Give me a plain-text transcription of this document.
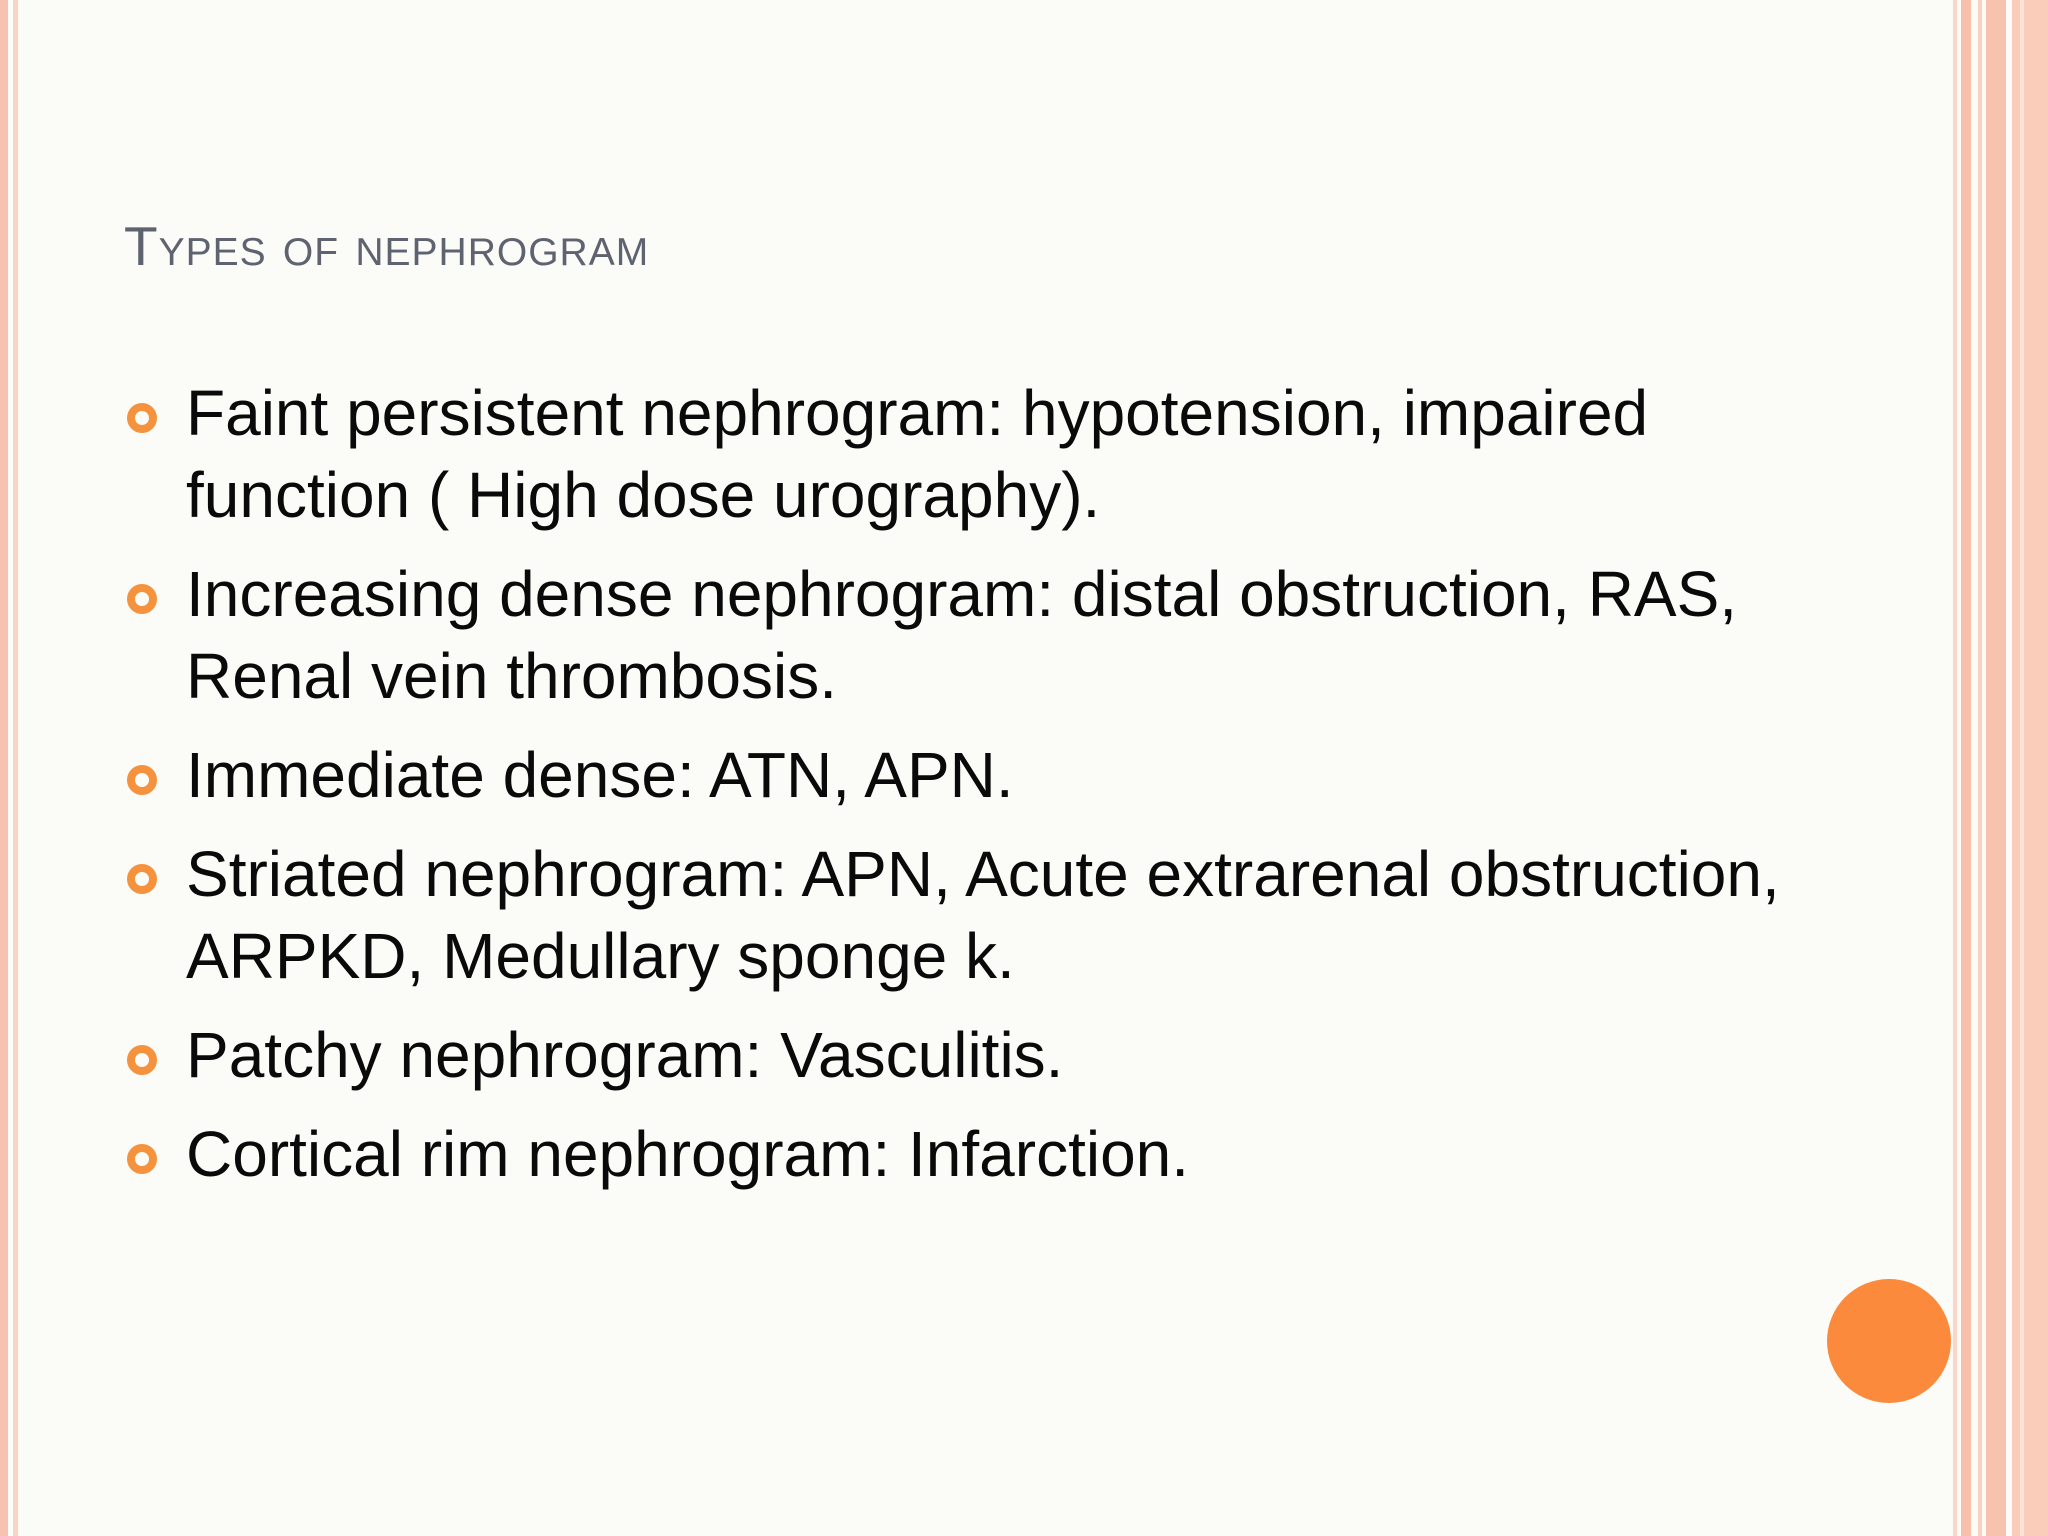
Types of nephrogram
Faint persistent nephrogram: hypotension, impaired function ( High dose urography).
Increasing dense nephrogram: distal obstruction, RAS, Renal vein thrombosis.
Immediate dense: ATN, APN.
Striated nephrogram: APN, Acute extrarenal obstruction, ARPKD, Medullary sponge k.
Patchy nephrogram: Vasculitis.
Cortical rim nephrogram: Infarction.
